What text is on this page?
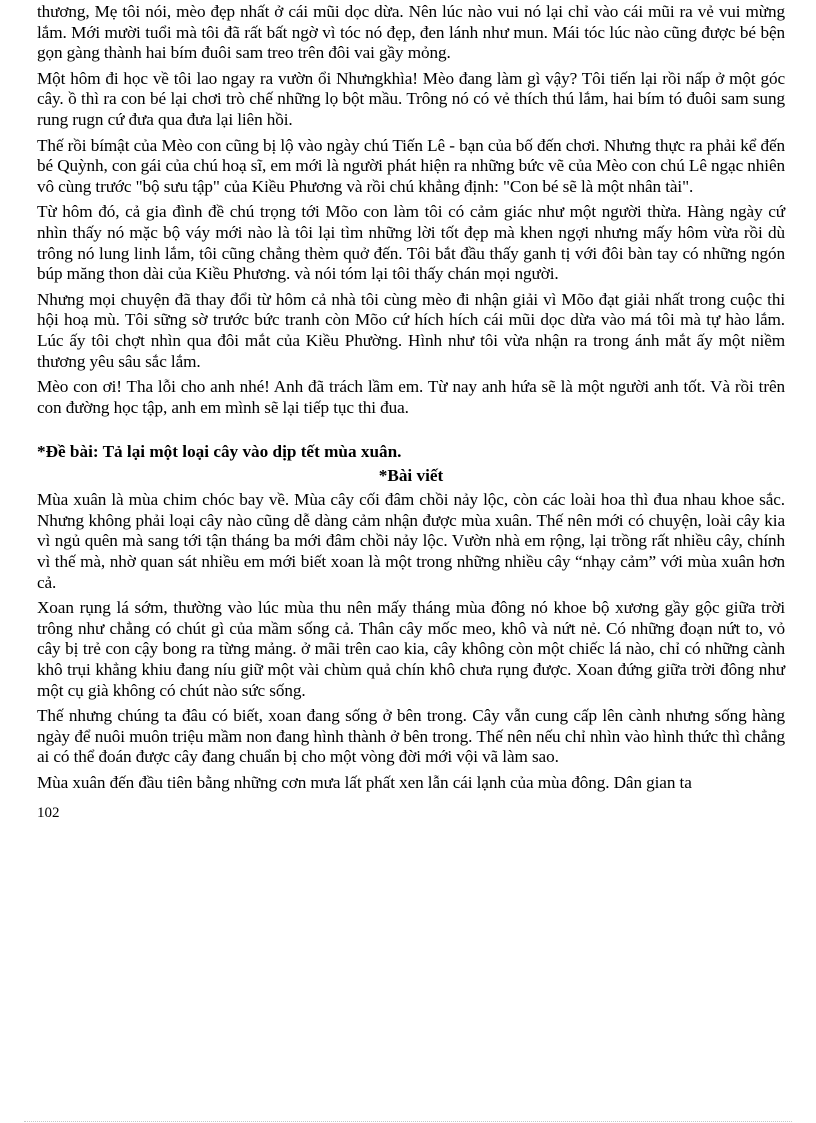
thương, Mẹ tôi nói, mèo đẹp nhất ở cái mũi dọc dừa. Nên lúc nào vui nó lại chỉ vào cái mũi ra vẻ vui mừng lắm. Mới mười tuổi mà tôi đã rất bất ngờ vì tóc nó đẹp, đen lánh như mun. Mái tóc lúc nào cũng được bé bện gọn gàng thành hai bím đuôi sam treo trên đôi vai gầy mỏng.

Một hôm đi học về tôi lao ngay ra vườn ổi Nhưngkhìa! Mèo đang làm gì vậy? Tôi tiến lại rồi nấp ở một góc cây. ồ thì ra con bé lại chơi trò chế những lọ bột mầu. Trông nó có vẻ thích thú lắm, hai bím tó đuôi sam sung rung rugn cứ đưa qua đưa lại liên hồi.

Thế rồi bímật của Mèo con cũng bị lộ vào ngày chú Tiến Lê - bạn của bố đến chơi. Nhưng thực ra phải kể đến bé Quỳnh, con gái của chú hoạ sĩ, em mới là người phát hiện ra những bức vẽ của Mèo con chú Lê ngạc nhiên vô cùng trước "bộ sưu tập" của Kiều Phương và rồi chú khẳng định: "Con bé sẽ là một nhân tài".

Từ hôm đó, cả gia đình đề chú trọng tới Mõo con làm tôi có cảm giác như một người thừa. Hàng ngày cứ nhìn thấy nó mặc bộ váy mới nào là tôi lại tìm những lời tốt đẹp mà khen ngợi nhưng mấy hôm vừa rồi dù trông nó lung linh lắm, tôi cũng chẳng thèm quở đến. Tôi bắt đầu thấy ganh tị với đôi bàn tay có những ngón búp măng thon dài của Kiều Phương. và nói tóm lại tôi thấy chán mọi người.

Nhưng mọi chuyện đã thay đổi từ hôm cả nhà tôi cùng mèo đi nhận giải vì Mõo đạt giải nhất trong cuộc thi hội hoạ mù. Tôi sững sờ trước bức tranh còn Mõo cứ hích hích cái mũi dọc dừa vào má tôi mà tự hào lắm. Lúc ấy tôi chợt nhìn qua đôi mắt của Kiều Phường. Hình như tôi vừa nhận ra trong ánh mắt ấy một niềm thương yêu sâu sắc lắm.

Mèo con ơi! Tha lỗi cho anh nhé! Anh đã trách lầm em. Từ nay anh hứa sẽ là một người anh tốt. Và rồi trên con đường học tập, anh em mình sẽ lại tiếp tục thi đua.

*Đề bài: Tả lại một loại cây vào dịp tết mùa xuân.
*Bài viết

Mùa xuân là mùa chim chóc bay về. Mùa cây cối đâm chồi nảy lộc, còn các loài hoa thì đua nhau khoe sắc. Nhưng không phải loại cây nào cũng dễ dàng cảm nhận được mùa xuân. Thế nên mới có chuyện, loài cây kia vì ngủ quên mà sang tới tận tháng ba mới đâm chồi nảy lộc. Vườn nhà em rộng, lại trồng rất nhiều cây, chính vì thế mà, nhờ quan sát nhiều em mới biết xoan là một trong những nhiều cây “nhạy cảm” với mùa xuân hơn cả.

Xoan rụng lá sớm, thường vào lúc mùa thu nên mấy tháng mùa đông nó khoe bộ xương gầy gộc giữa trời trông như chẳng có chút gì của mầm sống cả. Thân cây mốc meo, khô và nứt nẻ. Có những đoạn nứt to, vỏ cây bị trẻ con cậy bong ra từng mảng. ở mãi trên cao kia, cây không còn một chiếc lá nào, chỉ có những cành khô trụi khẳng khiu đang níu giữ một vài chùm quả chín khô chưa rụng được. Xoan đứng giữa trời đông như một cụ già không có chút nào sức sống.

Thế nhưng chúng ta đâu có biết, xoan đang sống ở bên trong. Cây vẫn cung cấp lên cành nhưng sống hàng ngày để nuôi muôn triệu mầm non đang hình thành ở bên trong. Thế nên nếu chỉ nhìn vào hình thức thì chẳng ai có thể đoán được cây đang chuẩn bị cho một vòng đời mới vội vã làm sao.

Mùa xuân đến đầu tiên bằng những cơn mưa lất phất xen lẫn cái lạnh của mùa đông. Dân gian ta

102
